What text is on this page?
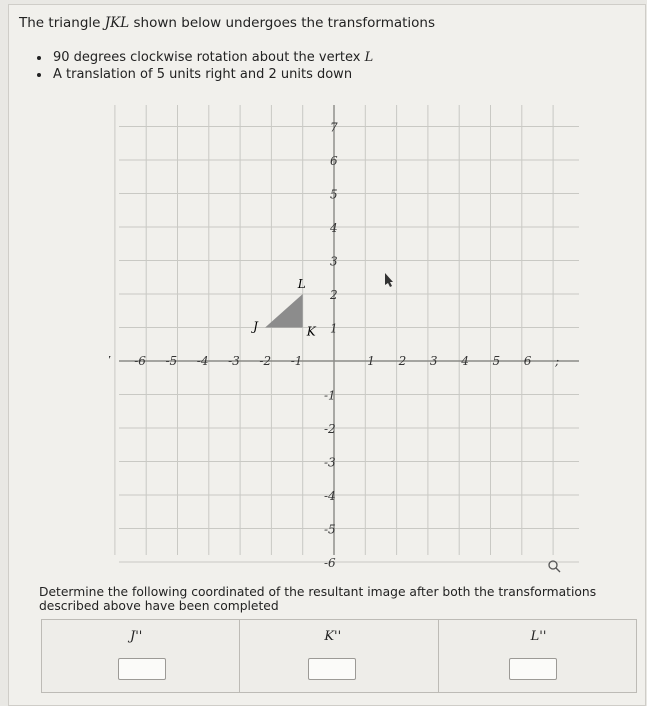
The triangle JKL shown below undergoes the transformations
• 90 degrees clockwise rotation about the vertex L
• A translation of 5 units right and 2 units down
-6 -5 -4 -3 -2 -1	1 2 3 4 5 6 ;
7
6
5
4
3
2
1
-1
-2
-3
-4
-5
-6
J	K
L
Determine the following coordinated of the resultant image after both the transformations described above have been completed
J''	K''	L''
